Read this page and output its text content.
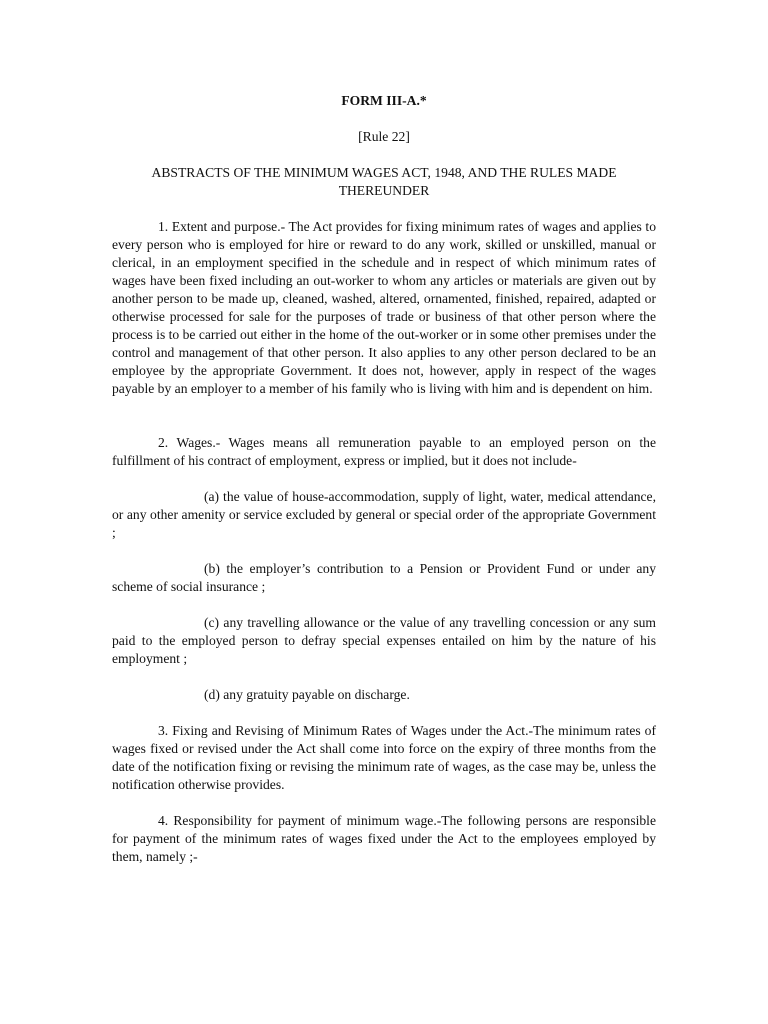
FORM III-A.*
[Rule 22]
ABSTRACTS OF THE MINIMUM WAGES ACT, 1948, AND THE RULES MADE THEREUNDER

1. Extent and purpose.- The Act provides for fixing minimum rates of wages and applies to every person who is employed for hire or reward to do any work, skilled or unskilled, manual or clerical, in an employment specified in the schedule and in respect of which minimum rates of wages have been fixed including an out-worker to whom any articles or materials are given out by another person to be made up, cleaned, washed, altered, ornamented, finished, repaired, adapted or otherwise processed for sale for the purposes of trade or business of that other person where the process is to be carried out either in the home of the out-worker or in some other premises under the control and management of that other person. It also applies to any other person declared to be an employee by the appropriate Government. It does not, however, apply in respect of the wages payable by an employer to a member of his family who is living with him and is dependent on him.

2. Wages.- Wages means all remuneration payable to an employed person on the fulfillment of his contract of employment, express or implied, but it does not include-

(a) the value of house-accommodation, supply of light, water, medical attendance, or any other amenity or service excluded by general or special order of the appropriate Government ;

(b) the employer’s contribution to a Pension or Provident Fund or under any scheme of social insurance ;

(c) any travelling allowance or the value of any travelling concession or any sum paid to the employed person to defray special expenses entailed on him by the nature of his employment ;

(d) any gratuity payable on discharge.

3. Fixing and Revising of Minimum Rates of Wages under the Act.-The minimum rates of wages fixed or revised under the Act shall come into force on the expiry of three months from the date of the notification fixing or revising the minimum rate of wages, as the case may be, unless the notification otherwise provides.

4. Responsibility for payment of minimum wage.-The following persons are responsible for payment of the minimum rates of wages fixed under the Act to the employees employed by them, namely ;-
